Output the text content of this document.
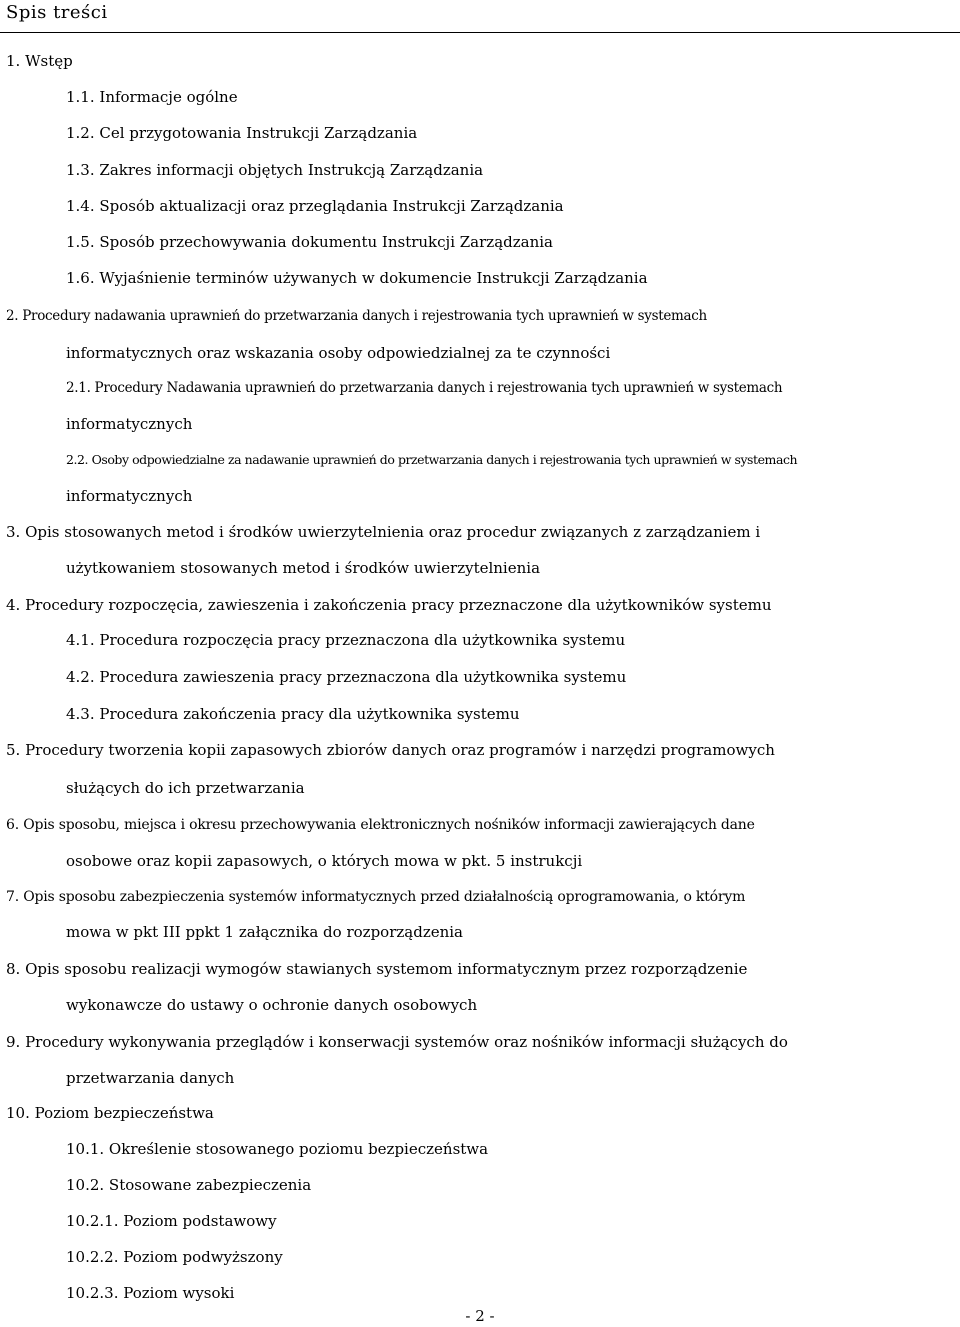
Spis treści
1. Wstęp
1.1. Informacje ogólne
1.2. Cel przygotowania Instrukcji Zarządzania
1.3. Zakres informacji objętych Instrukcją Zarządzania
1.4. Sposób aktualizacji oraz przeglądania Instrukcji Zarządzania
1.5. Sposób przechowywania dokumentu Instrukcji Zarządzania
1.6. Wyjaśnienie terminów używanych w dokumencie Instrukcji Zarządzania
2. Procedury nadawania uprawnień do przetwarzania danych i rejestrowania tych uprawnień w systemach
informatycznych oraz wskazania osoby odpowiedzialnej za te czynności
2.1. Procedury Nadawania uprawnień do przetwarzania danych i rejestrowania tych uprawnień w systemach
informatycznych
2.2. Osoby odpowiedzialne za nadawanie uprawnień do przetwarzania danych i rejestrowania tych uprawnień w systemach
informatycznych
3. Opis stosowanych metod i środków uwierzytelnienia oraz procedur związanych z zarządzaniem i
użytkowaniem stosowanych metod i środków uwierzytelnienia
4. Procedury rozpoczęcia, zawieszenia i zakończenia pracy przeznaczone dla użytkowników systemu
4.1. Procedura rozpoczęcia pracy przeznaczona dla użytkownika systemu
4.2. Procedura zawieszenia pracy przeznaczona dla użytkownika systemu
4.3. Procedura zakończenia pracy dla użytkownika systemu
5. Procedury tworzenia kopii zapasowych zbiorów danych oraz programów i narzędzi programowych
służących do ich przetwarzania
6. Opis sposobu, miejsca i okresu przechowywania elektronicznych nośników informacji zawierających dane
osobowe oraz kopii zapasowych, o których mowa w pkt. 5 instrukcji
7. Opis sposobu zabezpieczenia systemów informatycznych przed działalnością oprogramowania, o którym
mowa w pkt III ppkt 1 załącznika do rozporządzenia
8. Opis sposobu realizacji wymogów stawianych systemom informatycznym przez rozporządzenie
wykonawcze do ustawy o ochronie danych osobowych
9. Procedury wykonywania przeglądów i konserwacji systemów oraz nośników informacji służących do
przetwarzania danych
10. Poziom bezpieczeństwa
10.1. Określenie stosowanego poziomu bezpieczeństwa
10.2. Stosowane zabezpieczenia
10.2.1. Poziom podstawowy
10.2.2. Poziom podwyższony
10.2.3. Poziom wysoki
- 2 -
